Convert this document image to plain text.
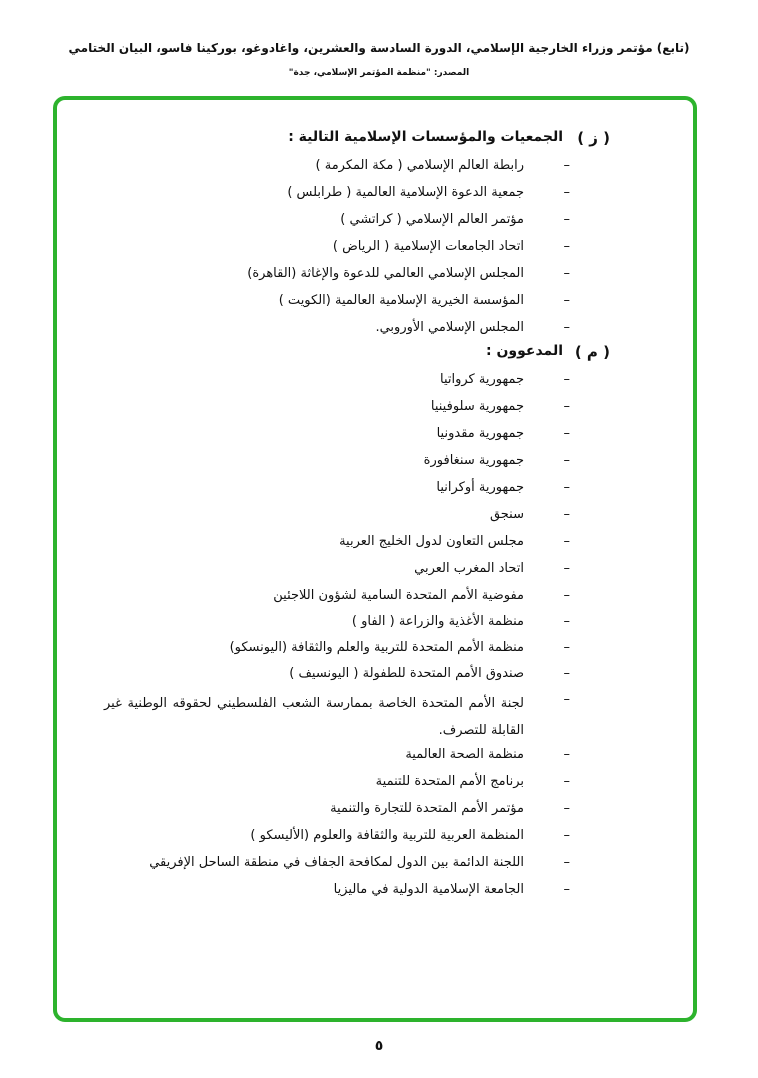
(تابع) مؤتمر وزراء الخارجية الإسلامي، الدورة السادسة والعشرين، واغادوغو، بوركينا فاسو، البيان الختامي
المصدر: "منظمة المؤتمر الإسلامي، جدة"
( ز )
الجمعيات والمؤسسات الإسلامية التالية :
–
رابطة العالم الإسلامي ( مكة المكرمة )
–
جمعية الدعوة الإسلامية العالمية ( طرابلس )
–
مؤتمر العالم الإسلامي ( كراتشي )
–
اتحاد الجامعات الإسلامية ( الرياض )
–
المجلس الإسلامي العالمي للدعوة والإغاثة (القاهرة)
–
المؤسسة الخيرية الإسلامية العالمية (الكويت )
–
المجلس الإسلامي الأوروبي.
( م )
المدعوون :
–
جمهورية كرواتيا
–
جمهورية سلوفينيا
–
جمهورية مقدونيا
–
جمهورية سنغافورة
–
جمهورية أوكرانيا
–
سنجق
–
مجلس التعاون لدول الخليج العربية
–
اتحاد المغرب العربي
–
مفوضية الأمم المتحدة السامية لشؤون اللاجئين
–
منظمة الأغذية والزراعة ( الفاو )
–
منظمة الأمم المتحدة للتربية والعلم والثقافة (اليونسكو)
–
صندوق الأمم المتحدة للطفولة ( اليونسيف )
–
لجنة الأمم المتحدة الخاصة بممارسة الشعب الفلسطيني لحقوقه الوطنية غير القابلة للتصرف.
–
منظمة الصحة العالمية
–
برنامج الأمم المتحدة للتنمية
–
مؤتمر الأمم المتحدة للتجارة والتنمية
–
المنظمة العربية للتربية والثقافة والعلوم (الأليسكو )
–
اللجنة الدائمة بين الدول لمكافحة الجفاف في منطقة الساحل الإفريقي
–
الجامعة الإسلامية الدولية في ماليزيا
٥
